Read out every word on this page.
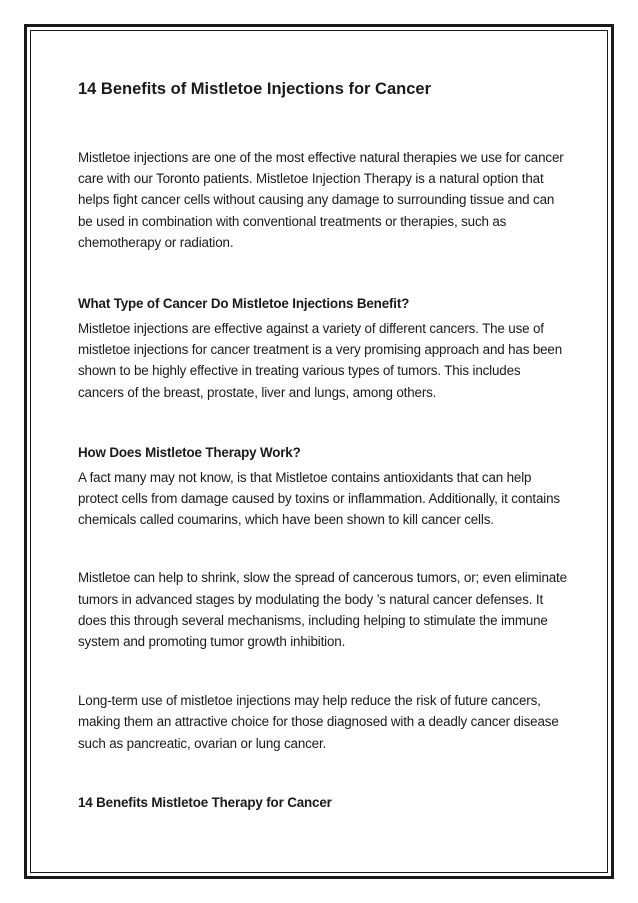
14 Benefits of Mistletoe Injections for Cancer

Mistletoe injections are one of the most effective natural therapies we use for cancer care with our Toronto patients. Mistletoe Injection Therapy is a natural option that helps fight cancer cells without causing any damage to surrounding tissue and can be used in combination with conventional treatments or therapies, such as chemotherapy or radiation.

What Type of Cancer Do Mistletoe Injections Benefit?

Mistletoe injections are effective against a variety of different cancers. The use of mistletoe injections for cancer treatment is a very promising approach and has been shown to be highly effective in treating various types of tumors. This includes cancers of the breast, prostate, liver and lungs, among others.

How Does Mistletoe Therapy Work?

A fact many may not know, is that Mistletoe contains antioxidants that can help protect cells from damage caused by toxins or inflammation. Additionally, it contains chemicals called coumarins, which have been shown to kill cancer cells.

Mistletoe can help to shrink, slow the spread of cancerous tumors, or; even eliminate tumors in advanced stages by modulating the body ’s natural cancer defenses. It does this through several mechanisms, including helping to stimulate the immune system and promoting tumor growth inhibition.

Long-term use of mistletoe injections may help reduce the risk of future cancers, making them an attractive choice for those diagnosed with a deadly cancer disease such as pancreatic, ovarian or lung cancer.

14 Benefits Mistletoe Therapy for Cancer
